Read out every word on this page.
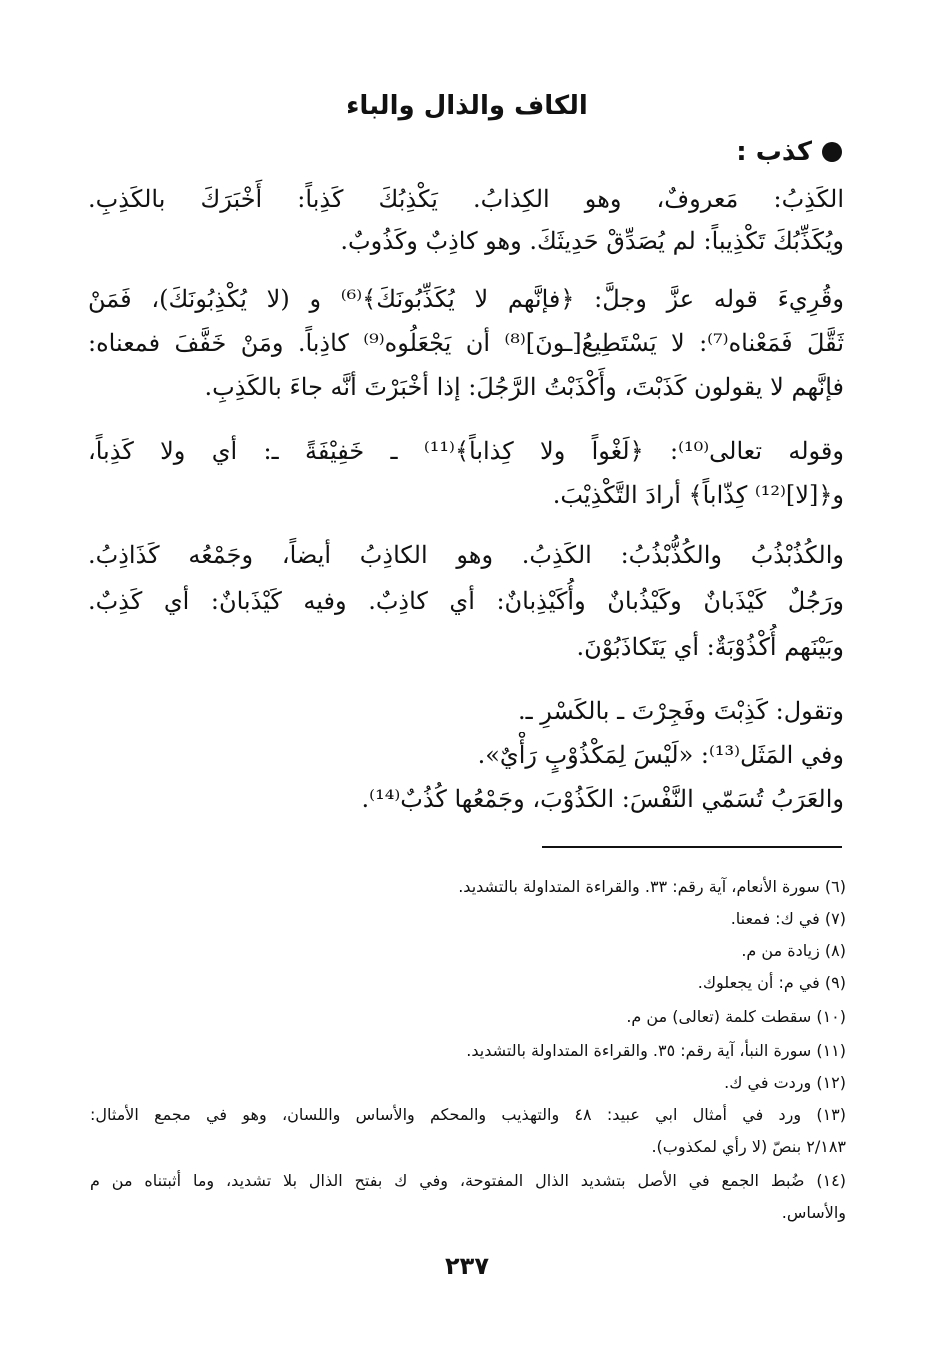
الكاف والذال والباء
كذب :
الكَذِبُ: مَعروفٌ، وهو الكِذابُ. يَكْذِبُكَ كَذِباً: أَخْبَرَكَ بالكَذِبِ.
ويُكَذِّبُكَ تَكْذِيباً: لم يُصَدِّقْ حَدِيثَكَ. وهو كاذِبٌ وكَذُوبٌ.
وقُرِيءَ قوله عزَّ وجلَّ: ﴿فإنَّهم لا يُكَذِّبُونَكَ﴾⁽⁶⁾ و (لا يُكْذِبُونَكَ)، فَمَنْ
ثَقَّلَ فَمَعْناه⁽⁷⁾: لا يَسْتَطِيعُ[ـونَ]⁽⁸⁾ أن يَجْعَلُوه⁽⁹⁾ كاذِباً. ومَنْ خَفَّفَ فمعناه:
فإنَّهم لا يقولون كَذَبْتَ، وأَكْذَبْتُ الرَّجُلَ: إذا أخْبَرْتَ أنَّه جاءَ بالكَذِبِ.
وقوله تعالى⁽¹⁰⁾: ﴿لَغْواً ولا كِذاباً﴾⁽¹¹⁾ ـ خَفِيْفَةً ـ: أي ولا كَذِباً،
و﴿[لا]⁽¹²⁾ كِذّاباً﴾ أرادَ التَّكْذِيْبَ.
والكُذُبْذُبُ والكُذُّبْذُبُ: الكَذِبُ. وهو الكاذِبُ أيضاً، وجَمْعُه كَذَاذِبُ.
ورَجُلٌ كَيْذَبانٌ وكَيْذُبانٌ وأُكَيْذِبانٌ: أي كاذِبٌ. وفيه كَيْذَبانٌ: أي كَذِبٌ.
وبَيْنَهم أُكْذُوْبَةٌ: أي يَتَكاذَبُوْنَ.
وتقول: كَذِبْتَ وفَجِرْتَ ـ بالكَسْرِ ـ.
وفي المَثَل⁽¹³⁾: «لَيْسَ لِمَكْذُوْبٍ رَأْيٌ».
والعَرَبُ تُسَمّي النَّفْسَ: الكَذُوْبَ، وجَمْعُها كُذُبٌ⁽¹⁴⁾.
(٦) سورة الأنعام، آية رقم: ٣٣. والقراءة المتداولة بالتشديد.
(٧) في ك: فمعنا.
(٨) زيادة من م.
(٩) في م: أن يجعلوك.
(١٠) سقطت كلمة (تعالى) من م.
(١١) سورة النبأ، آية رقم: ٣٥. والقراءة المتداولة بالتشديد.
(١٢) وردت في ك.
(١٣) ورد في أمثال ابي عبيد: ٤٨ والتهذيب والمحكم والأساس واللسان، وهو في مجمع الأمثال:
٢/١٨٣ بنصّ (لا رأي لمكذوب).
(١٤) ضُبط الجمع في الأصل بتشديد الذال المفتوحة، وفي ك بفتح الذال بلا تشديد، وما أثبتناه من م
والأساس.
٢٣٧
